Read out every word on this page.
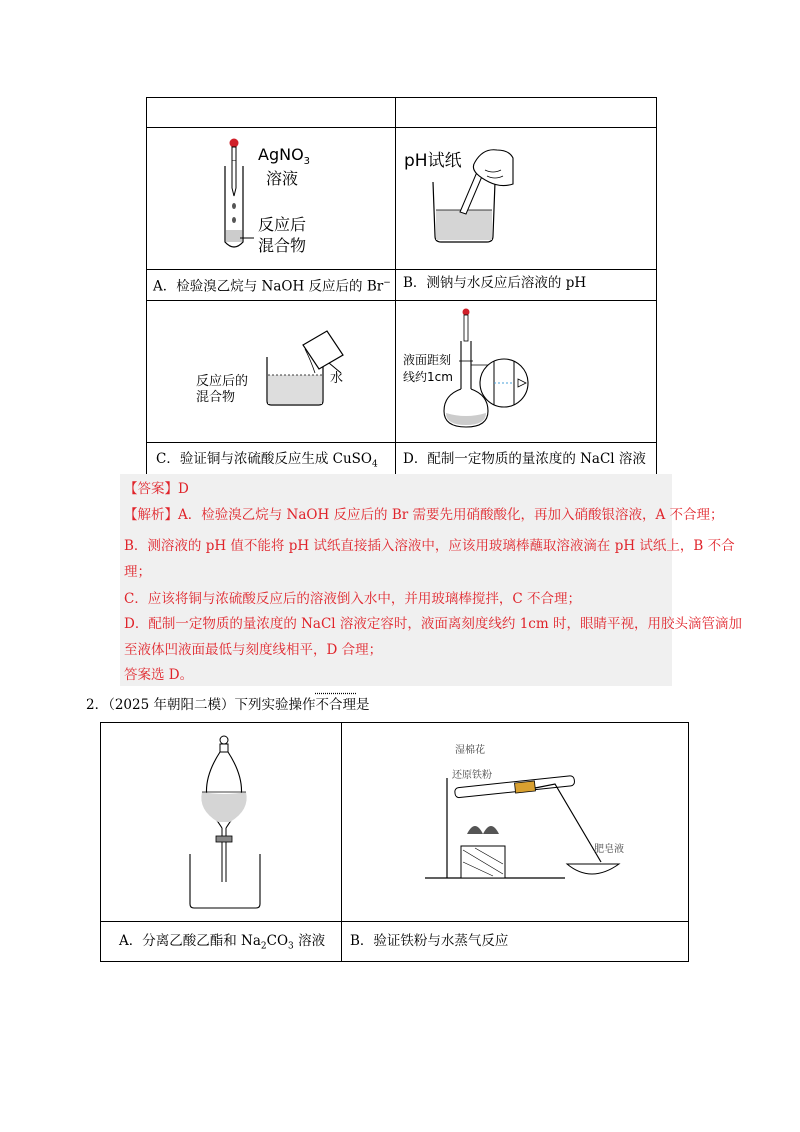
AgNO$_3$
溶液
反应后
混合物
pH试纸
A．检验溴乙烷与 NaOH 反应后的 Br− B．测钠与水反应后溶液的 pH
反应后的
混合物
水
液面距刻
线约1cm
C．验证铜与浓硫酸反应生成 CuSO$_4$ D．配制一定物质的量浓度的 NaCl 溶液
【答案】D
【解析】A．检验溴乙烷与 NaOH 反应后的 Br 需要先用硝酸酸化，再加入硝酸银溶液，A 不合理；
B．测溶液的 pH 值不能将 pH 试纸直接插入溶液中，应该用玻璃棒蘸取溶液滴在 pH 试纸上，B 不合
理；
C．应该将铜与浓硫酸反应后的溶液倒入水中，并用玻璃棒搅拌，C 不合理；
D．配制一定物质的量浓度的 NaCl 溶液定容时，液面离刻度线约 1cm 时，眼睛平视，用胶头滴管滴加
至液体凹液面最低与刻度线相平，D 合理；
答案选 D。
2．（2025 年朝阳二模）下列实验操作不合理是

湿棉花
还原铁粉
肥皂液
A．分离乙酸乙酯和 $Na_2CO_3$ 溶液 B．验证铁粉与水蒸气反应
